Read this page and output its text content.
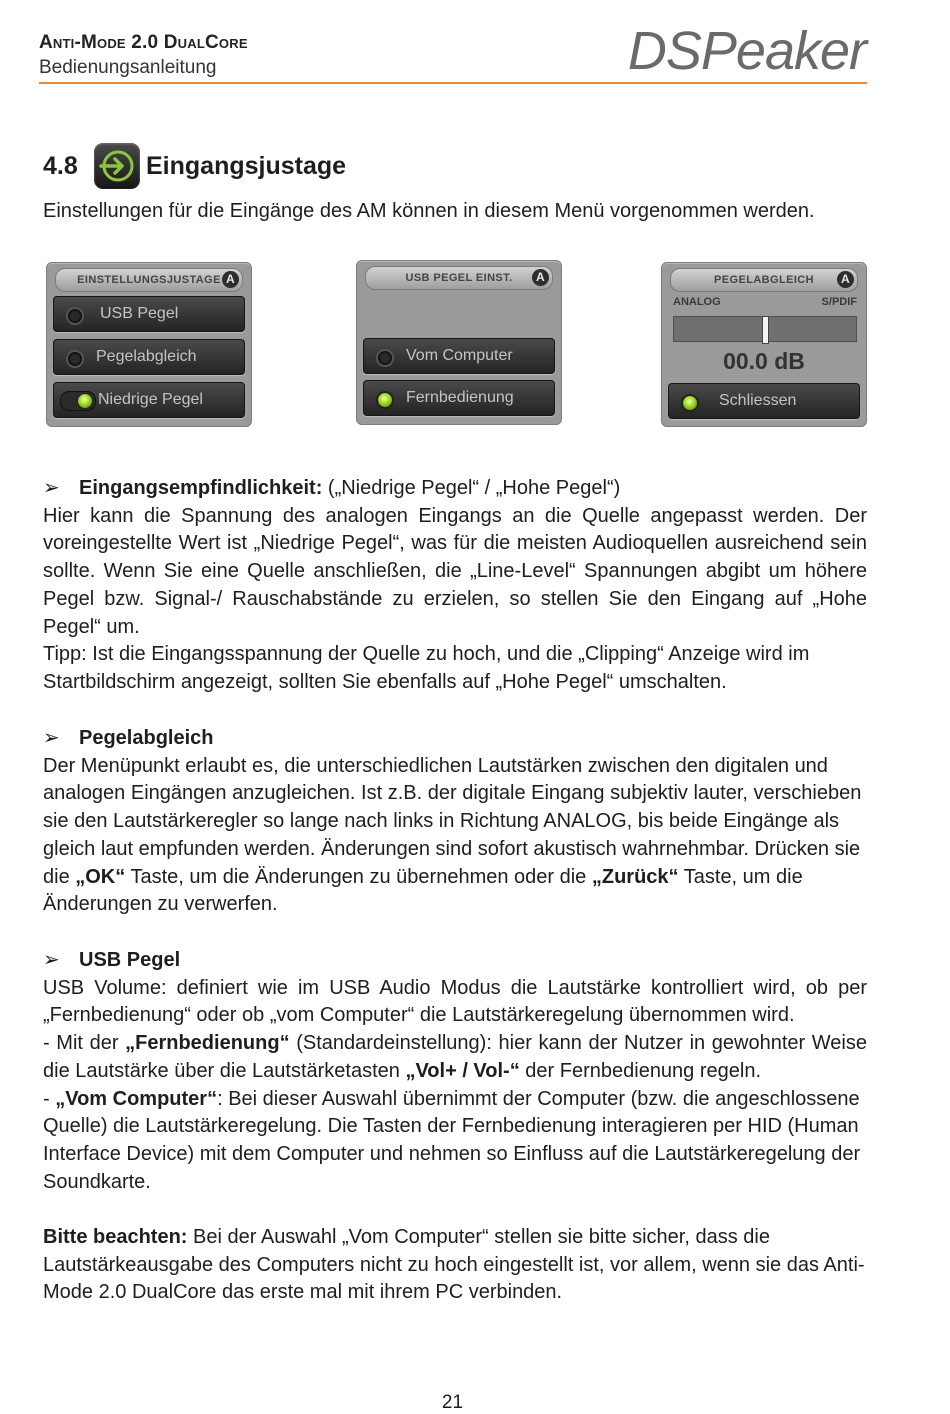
Anti-Mode 2.0 DualCore
Bedienungsanleitung	DSPeaker
4.8	Eingangsjustage
Einstellungen für die Eingänge des AM können in diesem Menü vorgenommen werden.
EINSTELLUNGSJUSTAGE A
USB Pegel
Pegelabgleich
Niedrige Pegel
USB PEGEL EINST.	A
Vom Computer
Fernbedienung
PEGELABGLEICH	A
ANALOG	S/PDIF
00.0 dB
Schliessen

➢ Eingangsempfindlichkeit: („Niedrige Pegel“ / „Hohe Pegel“)

Hier kann die Spannung des analogen Eingangs an die Quelle angepasst werden. Der voreingestellte Wert ist „Niedrige Pegel“, was für die meisten Audioquellen ausreichend sein sollte. Wenn Sie eine Quelle anschließen, die „Line-Level“ Spannungen abgibt um höhere Pegel bzw. Signal-/ Rauschabstände zu erzielen, so stellen Sie den Eingang auf „Hohe Pegel“ um.

Tipp: Ist die Eingangsspannung der Quelle zu hoch, und die „Clipping“ Anzeige wird im Startbildschirm angezeigt, sollten Sie ebenfalls auf „Hohe Pegel“ umschalten.

➢ Pegelabgleich

Der Menüpunkt erlaubt es, die unterschiedlichen Lautstärken zwischen den digitalen und analogen Eingängen anzugleichen. Ist z.B. der digitale Eingang subjektiv lauter, verschieben sie den Lautstärkeregler so lange nach links in Richtung ANALOG, bis beide Eingänge als gleich laut empfunden werden. Änderungen sind sofort akustisch wahrnehmbar. Drücken sie die „OK“ Taste, um die Änderungen zu übernehmen oder die „Zurück“ Taste, um die Änderungen zu verwerfen.

➢ USB Pegel

USB Volume: definiert wie im USB Audio Modus die Lautstärke kontrolliert wird, ob per „Fernbedienung“ oder ob „vom Computer“ die Lautstärkeregelung übernommen wird.

- Mit der „Fernbedienung“ (Standardeinstellung): hier kann der Nutzer in gewohnter Weise die Lautstärke über die Lautstärketasten „Vol+ / Vol-“ der Fernbedienung regeln.

- „Vom Computer“: Bei dieser Auswahl übernimmt der Computer (bzw. die angeschlossene Quelle) die Lautstärkeregelung. Die Tasten der Fernbedienung interagieren per HID (Human Interface Device) mit dem Computer und nehmen so Einfluss auf die Lautstärkeregelung der Soundkarte.

Bitte beachten: Bei der Auswahl „Vom Computer“ stellen sie bitte sicher, dass die Lautstärkeausgabe des Computers nicht zu hoch eingestellt ist, vor allem, wenn sie das Anti-Mode 2.0 DualCore das erste mal mit ihrem PC verbinden.

21
